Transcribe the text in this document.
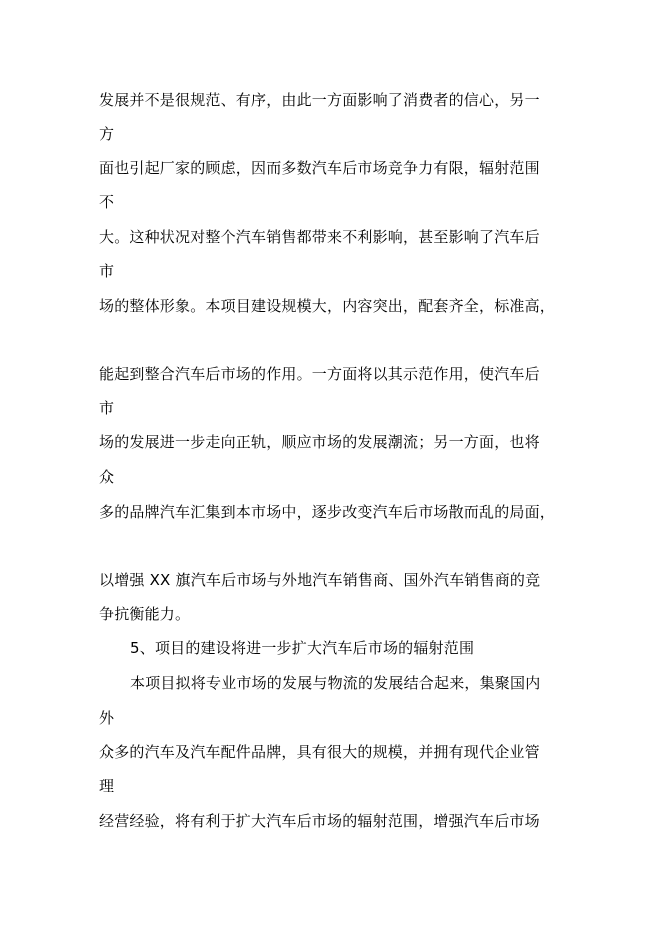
发展并不是很规范、有序，由此一方面影响了消费者的信心，另一
方
面也引起厂家的顾虑，因而多数汽车后市场竞争力有限，辐射范围
不
大。这种状况对整个汽车销售都带来不利影响，甚至影响了汽车后
市
场的整体形象。本项目建设规模大，内容突出，配套齐全，标准高，
能起到整合汽车后市场的作用。一方面将以其示范作用，使汽车后
市
场的发展进一步走向正轨，顺应市场的发展潮流；另一方面，也将
众
多的品牌汽车汇集到本市场中，逐步改变汽车后市场散而乱的局面，
以增强 XX 旗汽车后市场与外地汽车销售商、国外汽车销售商的竞
争抗衡能力。
5、项目的建设将进一步扩大汽车后市场的辐射范围
本项目拟将专业市场的发展与物流的发展结合起来，集聚国内
外
众多的汽车及汽车配件品牌，具有很大的规模，并拥有现代企业管
理
经营经验，将有利于扩大汽车后市场的辐射范围，增强汽车后市场
